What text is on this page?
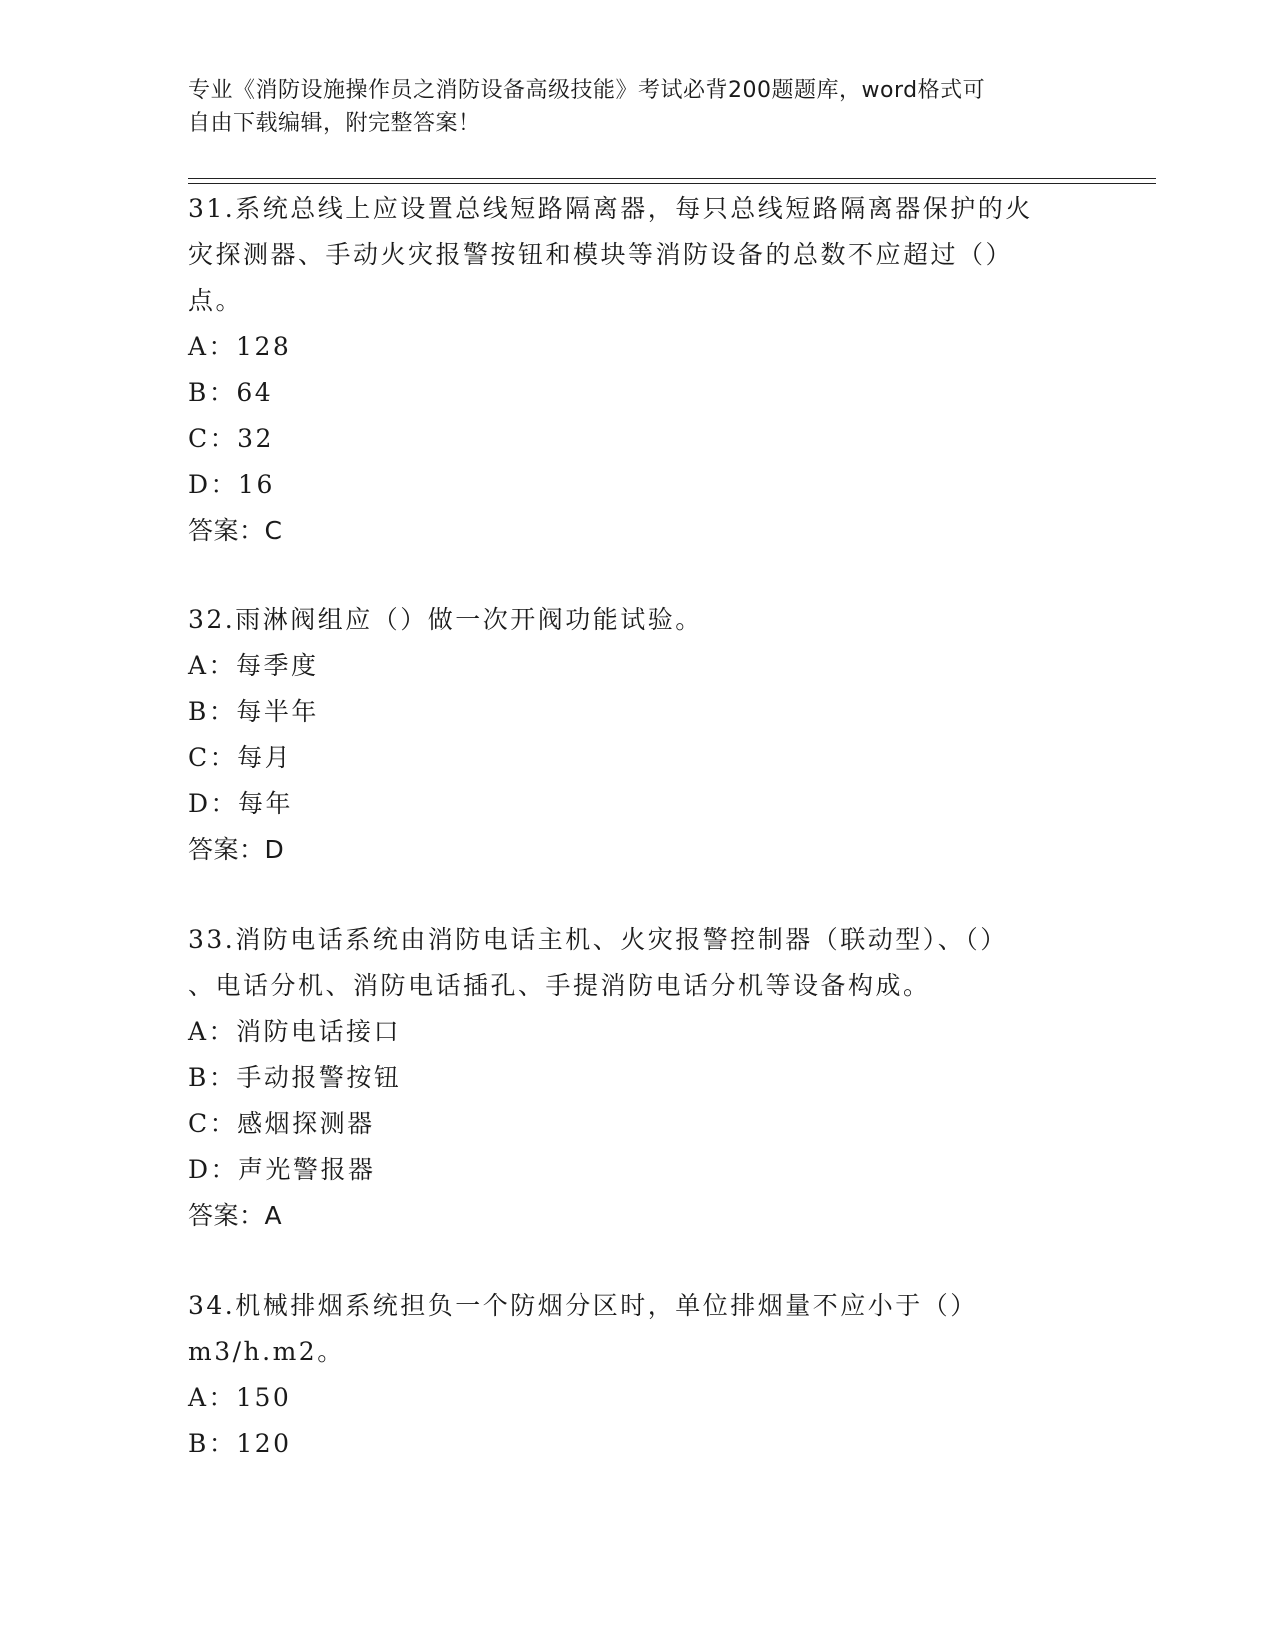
专业《消防设施操作员之消防设备高级技能》考试必背200题题库，word格式可
自由下载编辑，附完整答案！
31.系统总线上应设置总线短路隔离器，每只总线短路隔离器保护的火
灾探测器、手动火灾报警按钮和模块等消防设备的总数不应超过（）
点。
A：128
B：64
C：32
D：16
答案：C
32.雨淋阀组应（）做一次开阀功能试验。
A：每季度
B：每半年
C：每月
D：每年
答案：D
33.消防电话系统由消防电话主机、火灾报警控制器（联动型）、（）
、电话分机、消防电话插孔、手提消防电话分机等设备构成。
A：消防电话接口
B：手动报警按钮
C：感烟探测器
D：声光警报器
答案：A
34.机械排烟系统担负一个防烟分区时，单位排烟量不应小于（）
m3/h.m2。
A：150
B：120
